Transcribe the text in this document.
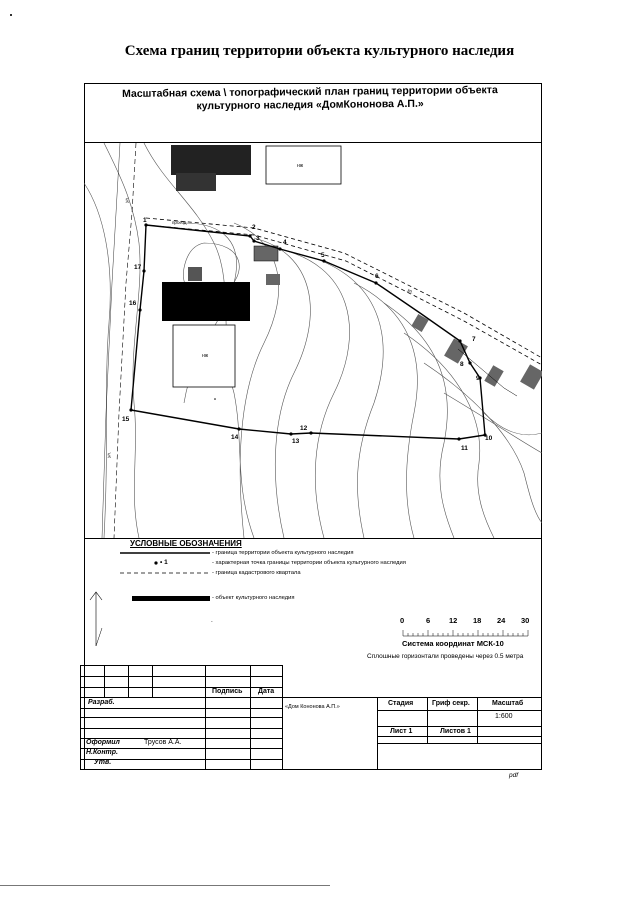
Схема границ территории объекта культурного наследия
Масштабная схема \ топографический план границ территории объекта
культурного наследия «ДомКононова А.П.»
нж
нж
1
2
3
4
5
6
7
8
9
10
11
12
13
14
15
16
17
ул.
ул.
проезд
ул.
УСЛОВНЫЕ ОБОЗНАЧЕНИЯ
- граница территории объекта культурного наследия
• 1	- характерная точка границы территории объекта культурного наследия
- граница кадастрового квартала
- объект культурного наследия
.	0	6	12 18 24 30
Система координат МСК-10
Сплошные горизонтали проведены через 0.5 метра
Подпись Дата
Разраб.
«Дом Кононова А.П.»	Стадия	Гриф секр.	Масштаб
1:600
Лист 1	Листов 1
Оформил	Трусов А.А.
Н.Контр.
Утв.
pdf
